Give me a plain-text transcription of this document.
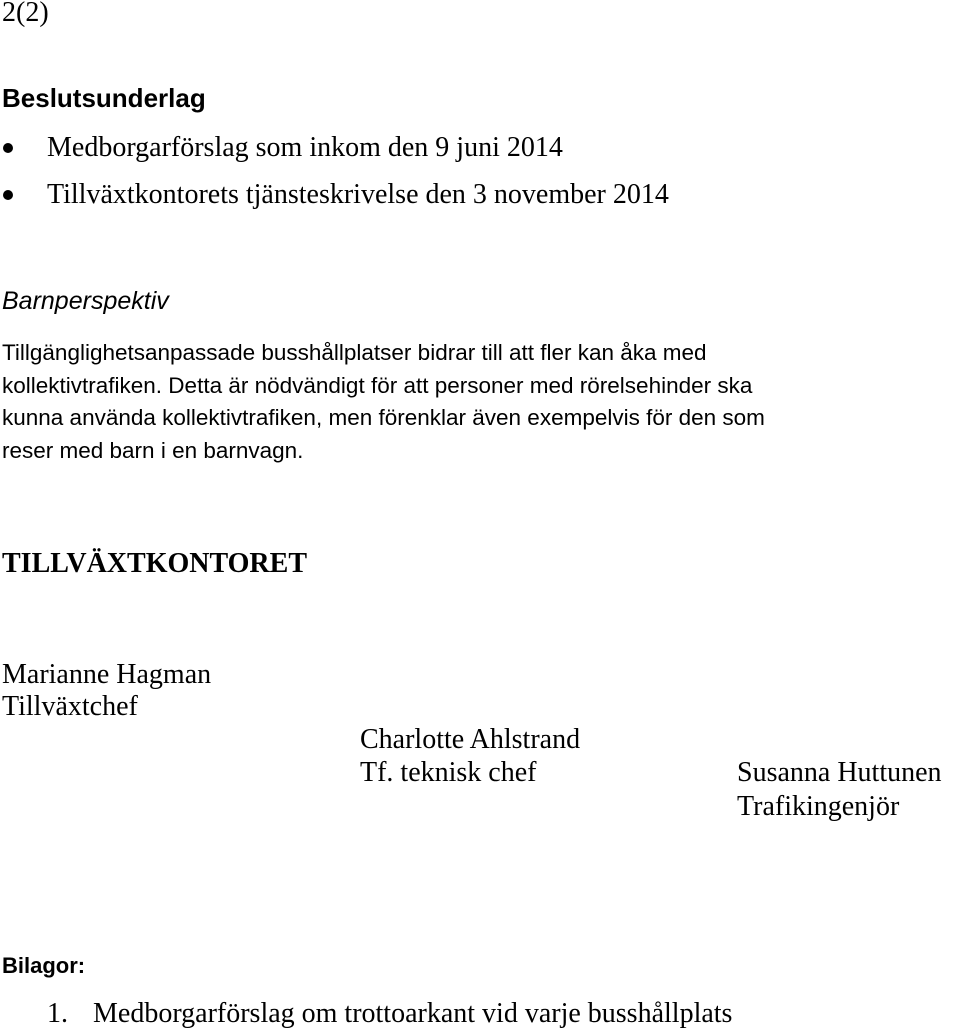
2(2)
Beslutsunderlag
Medborgarförslag som inkom den 9 juni 2014
Tillväxtkontorets tjänsteskrivelse den 3 november 2014
Barnperspektiv
Tillgänglighetsanpassade busshållplatser bidrar till att fler kan åka med
kollektivtrafiken. Detta är nödvändigt för att personer med rörelsehinder ska
kunna använda kollektivtrafiken, men förenklar även exempelvis för den som
reser med barn i en barnvagn.
TILLVÄXTKONTORET
Marianne Hagman
Tillväxtchef
Charlotte Ahlstrand
Tf. teknisk chef	Susanna Huttunen
Trafikingenjör
Bilagor:
1. Medborgarförslag om trottoarkant vid varje busshållplats
